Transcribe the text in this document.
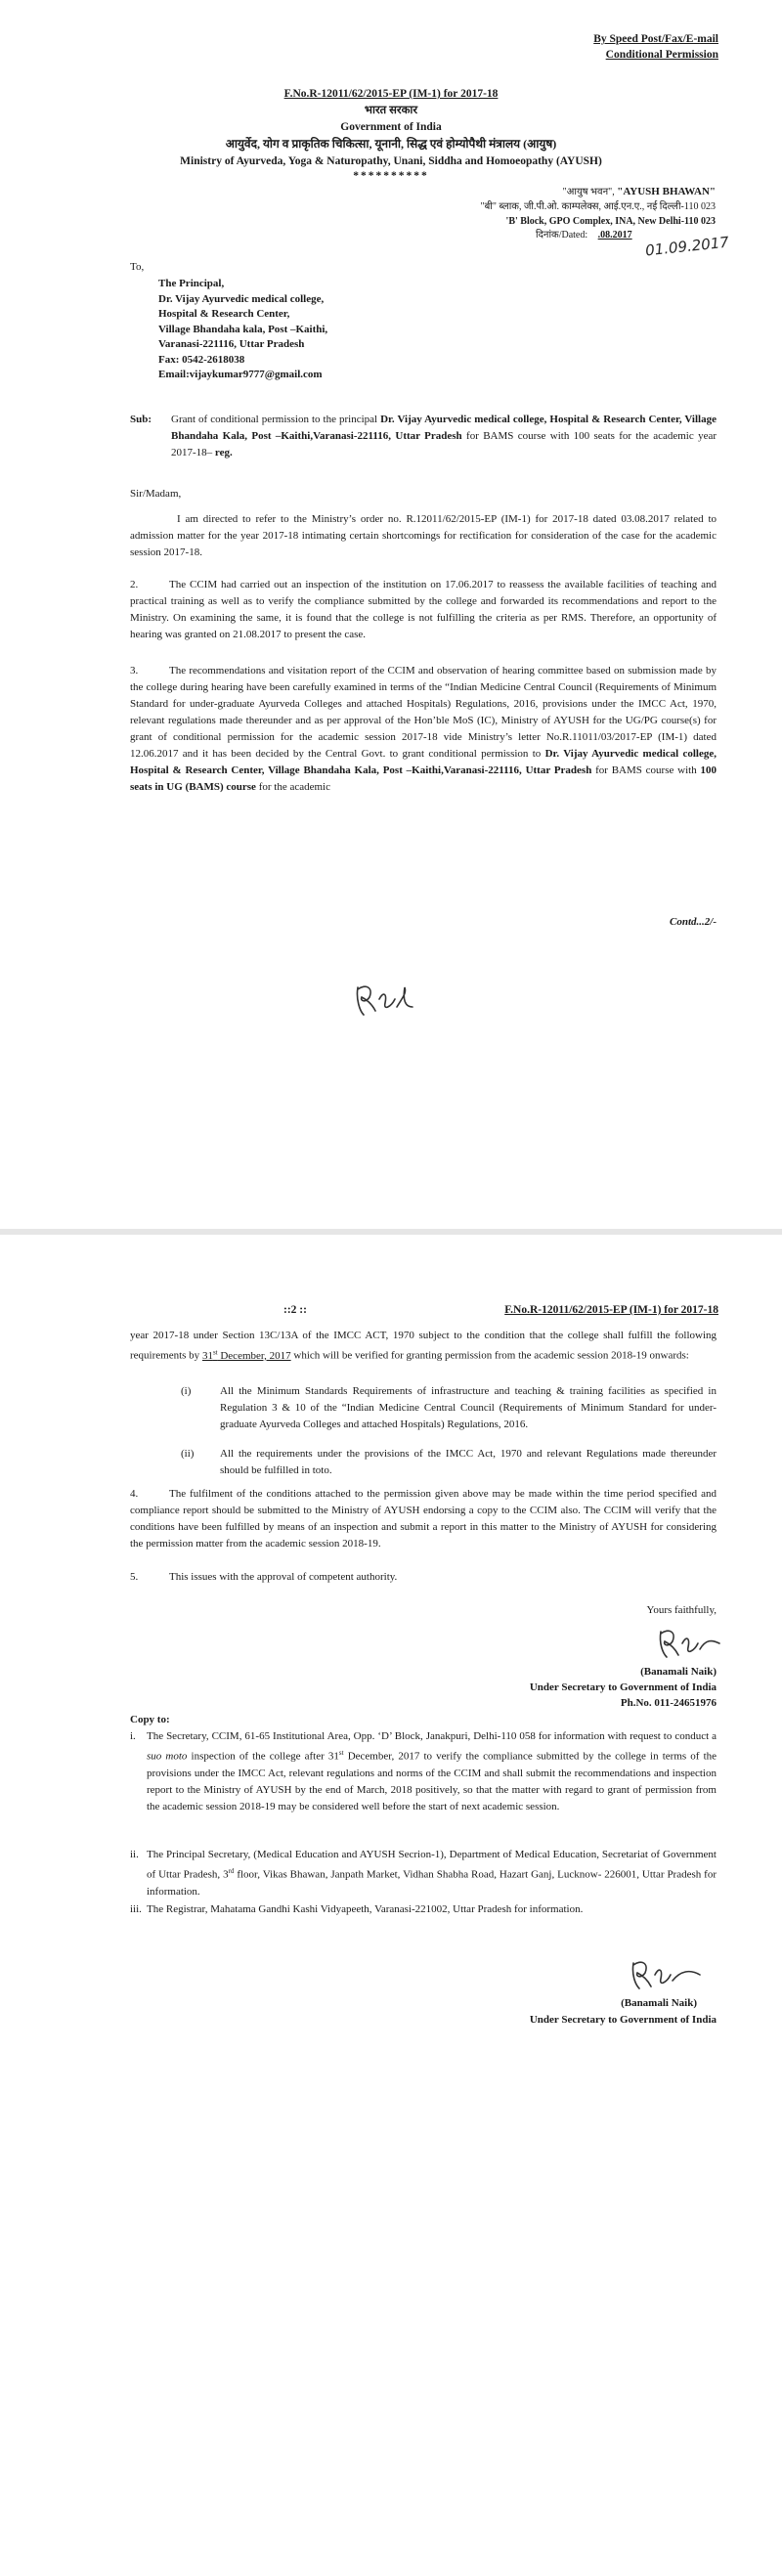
By Speed Post/Fax/E-mail
Conditional Permission
F.No.R-12011/62/2015-EP (IM-1) for 2017-18
भारत सरकार
Government of India
आयुर्वेद, योग व प्राकृतिक चिकित्सा, यूनानी, सिद्ध एवं होम्योपैथी मंत्रालय (आयुष)
Ministry of Ayurveda, Yoga & Naturopathy, Unani, Siddha and Homoeopathy (AYUSH)
**********
"आयुष भवन", "AYUSH BHAWAN"
"बी" ब्लाक, जी.पी.ओ. काम्पलेक्स, आई.एन.ए., नई दिल्ली-110 023
'B' Block, GPO Complex, INA, New Delhi-110 023
दिनांक/Dated: .08.2017 01.09.2017
To,
The Principal,
Dr. Vijay Ayurvedic medical college,
Hospital & Research Center,
Village Bhandaha kala, Post –Kaithi,
Varanasi-221116, Uttar Pradesh
Fax: 0542-2618038
Email:vijaykumar9777@gmail.com
Sub: Grant of conditional permission to the principal Dr. Vijay Ayurvedic medical college, Hospital & Research Center, Village Bhandaha Kala, Post –Kaithi,Varanasi-221116, Uttar Pradesh for BAMS course with 100 seats for the academic year 2017-18– reg.
Sir/Madam,
I am directed to refer to the Ministry’s order no. R.12011/62/2015-EP (IM-1) for 2017-18 dated 03.08.2017 related to admission matter for the year 2017-18 intimating certain shortcomings for rectification for consideration of the case for the academic session 2017-18.
2.	The CCIM had carried out an inspection of the institution on 17.06.2017 to reassess the available facilities of teaching and practical training as well as to verify the compliance submitted by the college and forwarded its recommendations and report to the Ministry. On examining the same, it is found that the college is not fulfilling the criteria as per RMS. Therefore, an opportunity of hearing was granted on 21.08.2017 to present the case.
3.	The recommendations and visitation report of the CCIM and observation of hearing committee based on submission made by the college during hearing have been carefully examined in terms of the “Indian Medicine Central Council (Requirements of Minimum Standard for under-graduate Ayurveda Colleges and attached Hospitals) Regulations, 2016, provisions under the IMCC Act, 1970, relevant regulations made thereunder and as per approval of the Hon’ble MoS (IC), Ministry of AYUSH for the UG/PG course(s) for grant of conditional permission for the academic session 2017-18 vide Ministry’s letter No.R.11011/03/2017-EP (IM-1) dated 12.06.2017 and it has been decided by the Central Govt. to grant conditional permission to Dr. Vijay Ayurvedic medical college, Hospital & Research Center, Village Bhandaha Kala, Post –Kaithi,Varanasi-221116, Uttar Pradesh for BAMS course with 100 seats in UG (BAMS) course for the academic
Contd...2/-
::2 ::	F.No.R-12011/62/2015-EP (IM-1) for 2017-18
year 2017-18 under Section 13C/13A of the IMCC ACT, 1970 subject to the condition that the college shall fulfill the following requirements by 31st December, 2017 which will be verified for granting permission from the academic session 2018-19 onwards:
(i)	All the Minimum Standards Requirements of infrastructure and teaching & training facilities as specified in Regulation 3 & 10 of the “Indian Medicine Central Council (Requirements of Minimum Standard for under-graduate Ayurveda Colleges and attached Hospitals) Regulations, 2016.
(ii) All the requirements under the provisions of the IMCC Act, 1970 and relevant Regulations made thereunder should be fulfilled in toto.
4.	The fulfilment of the conditions attached to the permission given above may be made within the time period specified and compliance report should be submitted to the Ministry of AYUSH endorsing a copy to the CCIM also. The CCIM will verify that the conditions have been fulfilled by means of an inspection and submit a report in this matter to the Ministry of AYUSH for considering the permission matter from the academic session 2018-19.
5.	This issues with the approval of competent authority.
Yours faithfully,
(Banamali Naik)
Under Secretary to Government of India
Ph.No. 011-24651976
Copy to:
i. The Secretary, CCIM, 61-65 Institutional Area, Opp. ‘D’ Block, Janakpuri, Delhi-110 058 for information with request to conduct a suo moto inspection of the college after 31st December, 2017 to verify the compliance submitted by the college in terms of the provisions under the IMCC Act, relevant regulations and norms of the CCIM and shall submit the recommendations and inspection report to the Ministry of AYUSH by the end of March, 2018 positively, so that the matter with regard to grant of permission from the academic session 2018-19 may be considered well before the start of next academic session.
ii. The Principal Secretary, (Medical Education and AYUSH Secrion-1), Department of Medical Education, Secretariat of Government of Uttar Pradesh, 3rd floor, Vikas Bhawan, Janpath Market, Vidhan Shabha Road, Hazart Ganj, Lucknow- 226001, Uttar Pradesh for information.
iii. The Registrar, Mahatama Gandhi Kashi Vidyapeeth, Varanasi-221002, Uttar Pradesh for information.
(Banamali Naik)
Under Secretary to Government of India
